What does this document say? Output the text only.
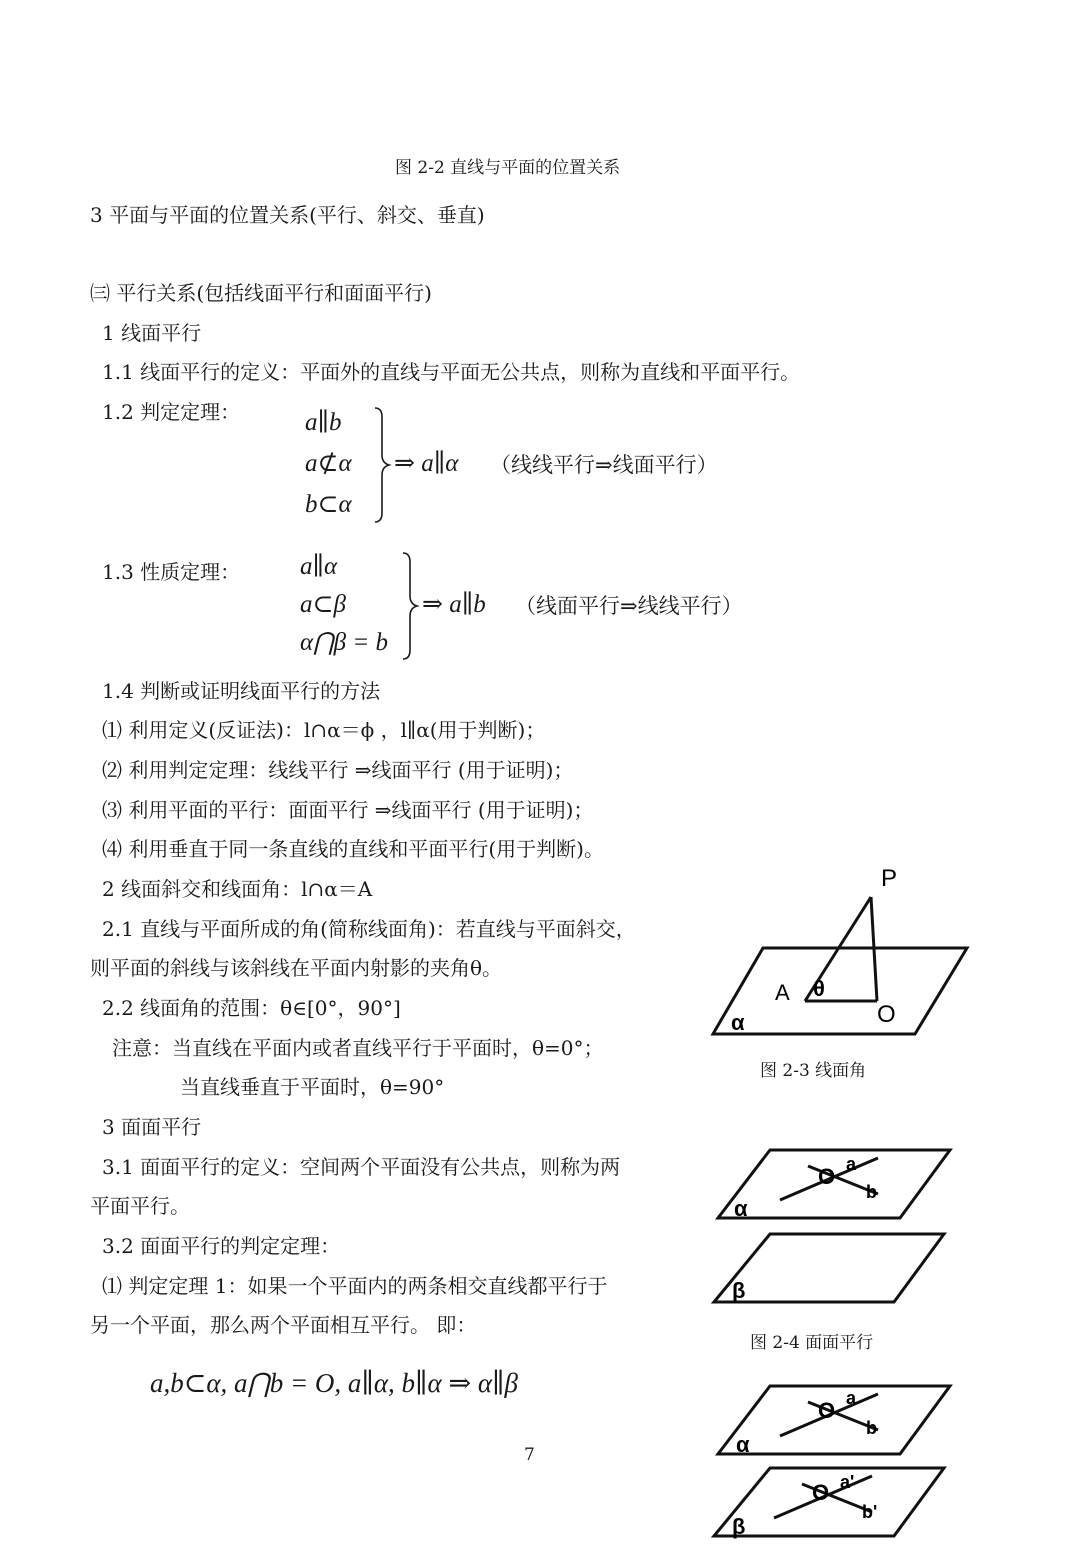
图 2-2 直线与平面的位置关系
3 平面与平面的位置关系(平行、斜交、垂直)
㈢ 平行关系(包括线面平行和面面平行)
1 线面平行
1.1 线面平行的定义：平面外的直线与平面无公共点，则称为直线和平面平行。
1.2 判定定理：	a∥b
a⊄α
b⊂α
⇒ a∥α （线线平行⇒线面平行）
1.3 性质定理： a∥α
a⊂β
α⋂β = b
⇒ a∥b （线面平行⇒线线平行）
1.4 判断或证明线面平行的方法
⑴ 利用定义(反证法)：l∩α＝ϕ ，l∥α(用于判断)；
⑵ 利用判定定理：线线平行 ⇒线面平行 (用于证明)；
⑶ 利用平面的平行：面面平行 ⇒线面平行 (用于证明)；
⑷ 利用垂直于同一条直线的直线和平面平行(用于判断)。
2 线面斜交和线面角：l∩α＝A
2.1 直线与平面所成的角(简称线面角)：若直线与平面斜交，
则平面的斜线与该斜线在平面内射影的夹角θ。
2.2 线面角的范围：θ∈[0°，90°]
注意：当直线在平面内或者直线平行于平面时，θ=0°；
当直线垂直于平面时，θ=90°
3 面面平行
3.1 面面平行的定义：空间两个平面没有公共点，则称为两
平面平行。
3.2 面面平行的判定定理：
⑴ 判定定理 1：如果一个平面内的两条相交直线都平行于
另一个平面，那么两个平面相互平行。 即：
a,b⊂α, a⋂b = O, a∥α, b∥α ⇒ α∥β
7
P
A θ
O
α
图 2-3 线面角
O a
b
α
β
图 2-4 面面平行
O a
b
α
O a'
b'
β
